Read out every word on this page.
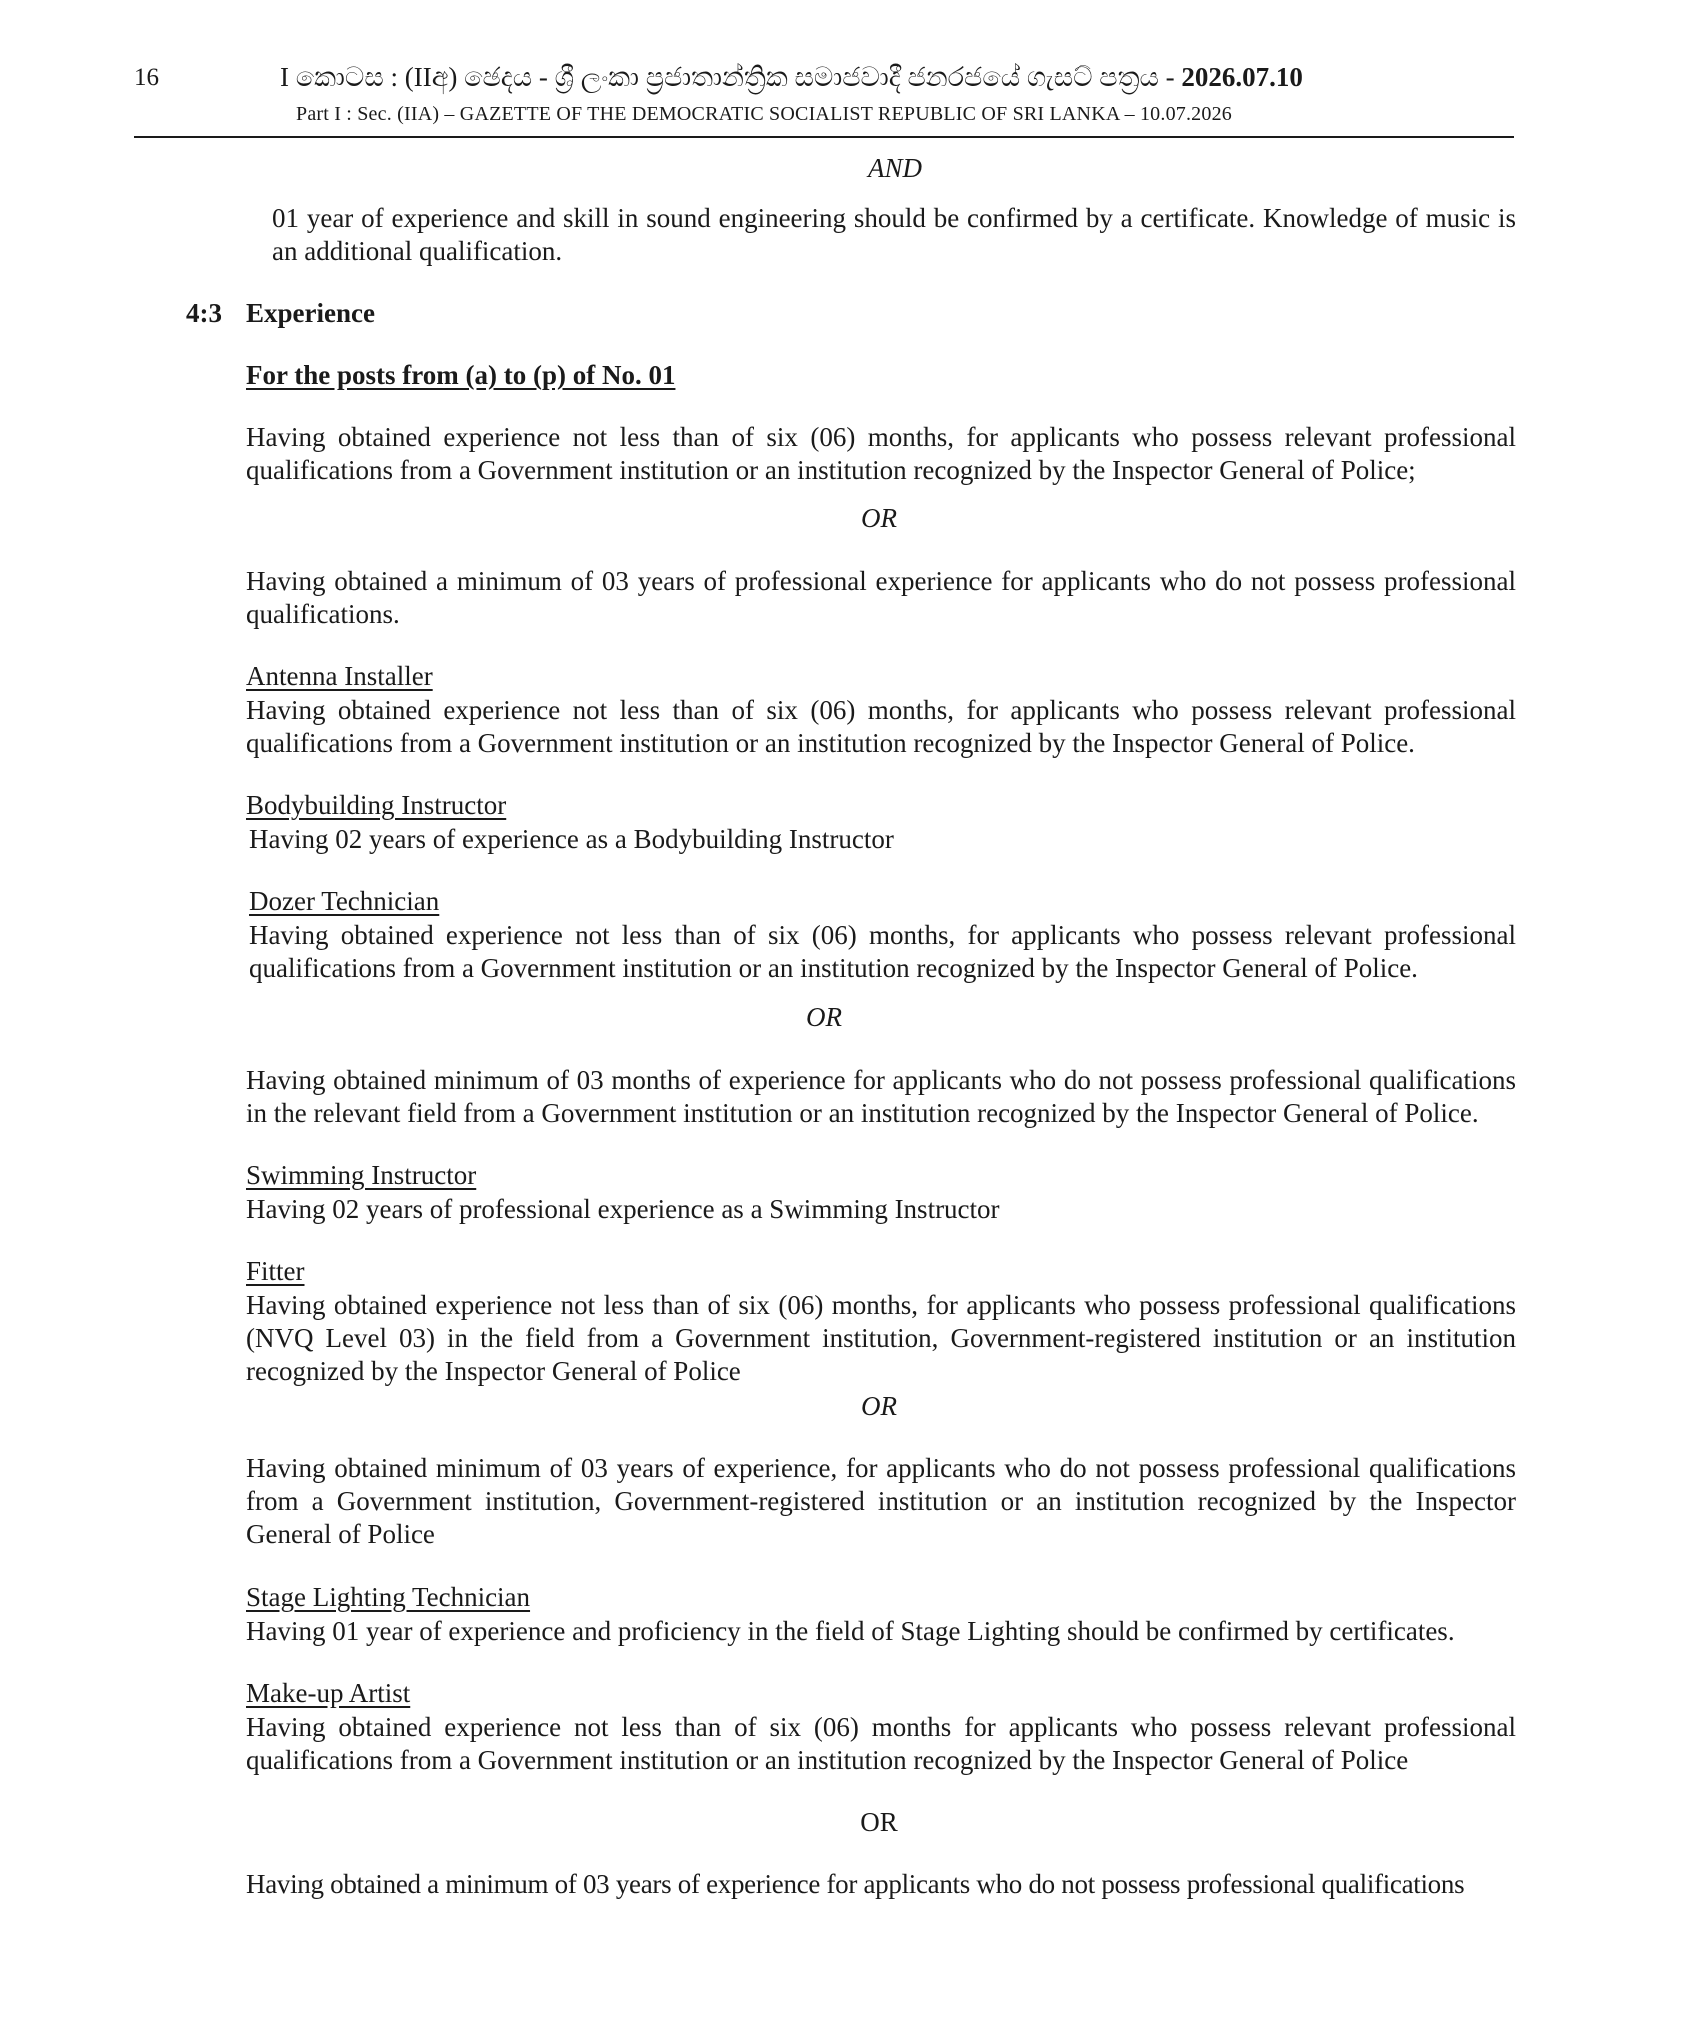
16	I කොටස : (IIඅ) ඡෙදය - ශ්‍රී ලංකා ප්‍රජාතාන්ත්‍රික සමාජවාදී ජනරජයේ ගැසට් පත්‍රය - 2026.07.10
Part I : Sec. (IIA) – GAZETTE OF THE DEMOCRATIC SOCIALIST REPUBLIC OF SRI LANKA – 10.07.2026
AND
01 year of experience and skill in sound engineering should be confirmed by a certificate. Knowledge of music is an additional qualification.
4:3 Experience
For the posts from (a) to (p) of No. 01
Having obtained experience not less than of six (06) months, for applicants who possess relevant professional qualifications from a Government institution or an institution recognized by the Inspector General of Police;
OR
Having obtained a minimum of 03 years of professional experience for applicants who do not possess professional qualifications.
Antenna Installer
Having obtained experience not less than of six (06) months, for applicants who possess relevant professional qualifications from a Government institution or an institution recognized by the Inspector General of Police.
Bodybuilding Instructor
Having 02 years of experience as a Bodybuilding Instructor
Dozer Technician
Having obtained experience not less than of six (06) months, for applicants who possess relevant professional qualifications from a Government institution or an institution recognized by the Inspector General of Police.
OR
Having obtained minimum of 03 months of experience for applicants who do not possess professional qualifications in the relevant field from a Government institution or an institution recognized by the Inspector General of Police.
Swimming Instructor
Having 02 years of professional experience as a Swimming Instructor
Fitter
Having obtained experience not less than of six (06) months, for applicants who possess professional qualifications (NVQ Level 03) in the field from a Government institution, Government-registered institution or an institution recognized by the Inspector General of Police
OR
Having obtained minimum of 03 years of experience, for applicants who do not possess professional qualifications from a Government institution, Government-registered institution or an institution recognized by the Inspector General of Police
Stage Lighting Technician
Having 01 year of experience and proficiency in the field of Stage Lighting should be confirmed by certificates.
Make-up Artist
Having obtained experience not less than of six (06) months for applicants who possess relevant professional qualifications from a Government institution or an institution recognized by the Inspector General of Police
OR
Having obtained a minimum of 03 years of experience for applicants who do not possess professional qualifications
